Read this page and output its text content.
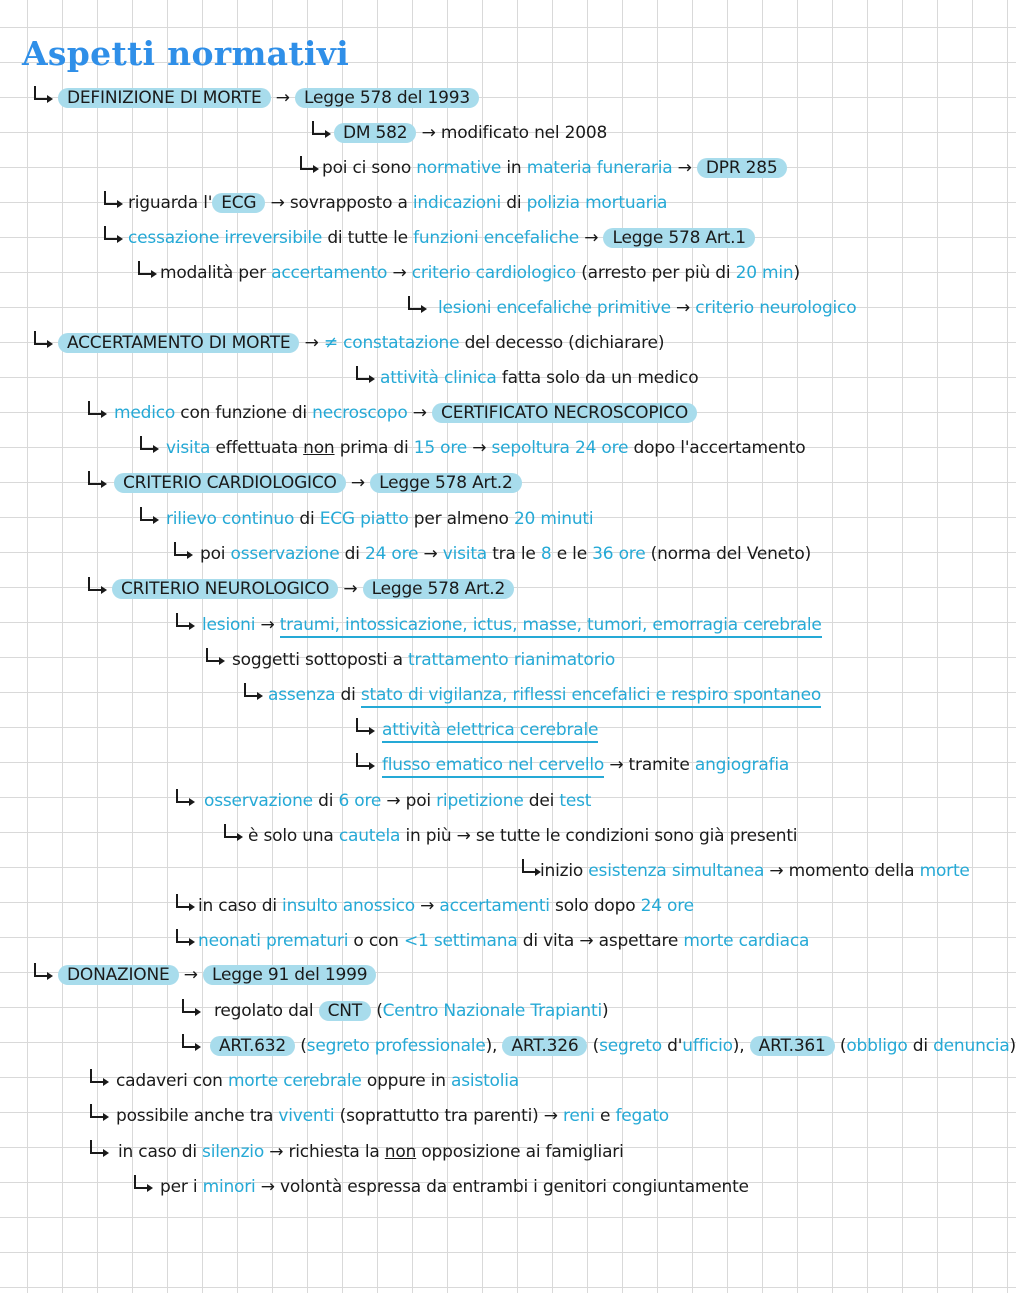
Aspetti normativi
DEFINIZIONE DI MORTE → Legge 578 del 1993
DM 582 → modificato nel 2008
poi ci sono normative in materia funeraria → DPR 285
riguarda l' ECG → sovrapposto a indicazioni di polizia mortuaria
cessazione irreversibile di tutte le funzioni encefaliche → Legge 578 Art.1
modalità per accertamento → criterio cardiologico (arresto per più di 20 min)
lesioni encefaliche primitive → criterio neurologico
ACCERTAMENTO DI MORTE → ≠ constatazione del decesso (dichiarare)
attività clinica fatta solo da un medico
medico con funzione di necroscopo → CERTIFICATO NECROSCOPICO
visita effettuata non prima di 15 ore → sepoltura 24 ore dopo l'accertamento
CRITERIO CARDIOLOGICO → Legge 578 Art.2
rilievo continuo di ECG piatto per almeno 20 minuti
poi osservazione di 24 ore → visita tra le 8 e le 36 ore (norma del Veneto)
CRITERIO NEUROLOGICO → Legge 578 Art.2
lesioni → traumi, intossicazione, ictus, masse, tumori, emorragia cerebrale
soggetti sottoposti a trattamento rianimatorio
assenza di stato di vigilanza, riflessi encefalici e respiro spontaneo
attività elettrica cerebrale
flusso ematico nel cervello → tramite angiografia
osservazione di 6 ore → poi ripetizione dei test
è solo una cautela in più → se tutte le condizioni sono già presenti
inizio esistenza simultanea → momento della morte
in caso di insulto anossico → accertamenti solo dopo 24 ore
neonati prematuri o con <1 settimana di vita → aspettare morte cardiaca
DONAZIONE → Legge 91 del 1999
regolato dal CNT (Centro Nazionale Trapianti)
ART.632 (segreto professionale), ART.326 (segreto d'ufficio), ART.361 (obbligo di denuncia)
cadaveri con morte cerebrale oppure in asistolia
possibile anche tra viventi (soprattutto tra parenti) → reni e fegato
in caso di silenzio → richiesta la non opposizione ai famigliari
per i minori → volontà espressa da entrambi i genitori congiuntamente
